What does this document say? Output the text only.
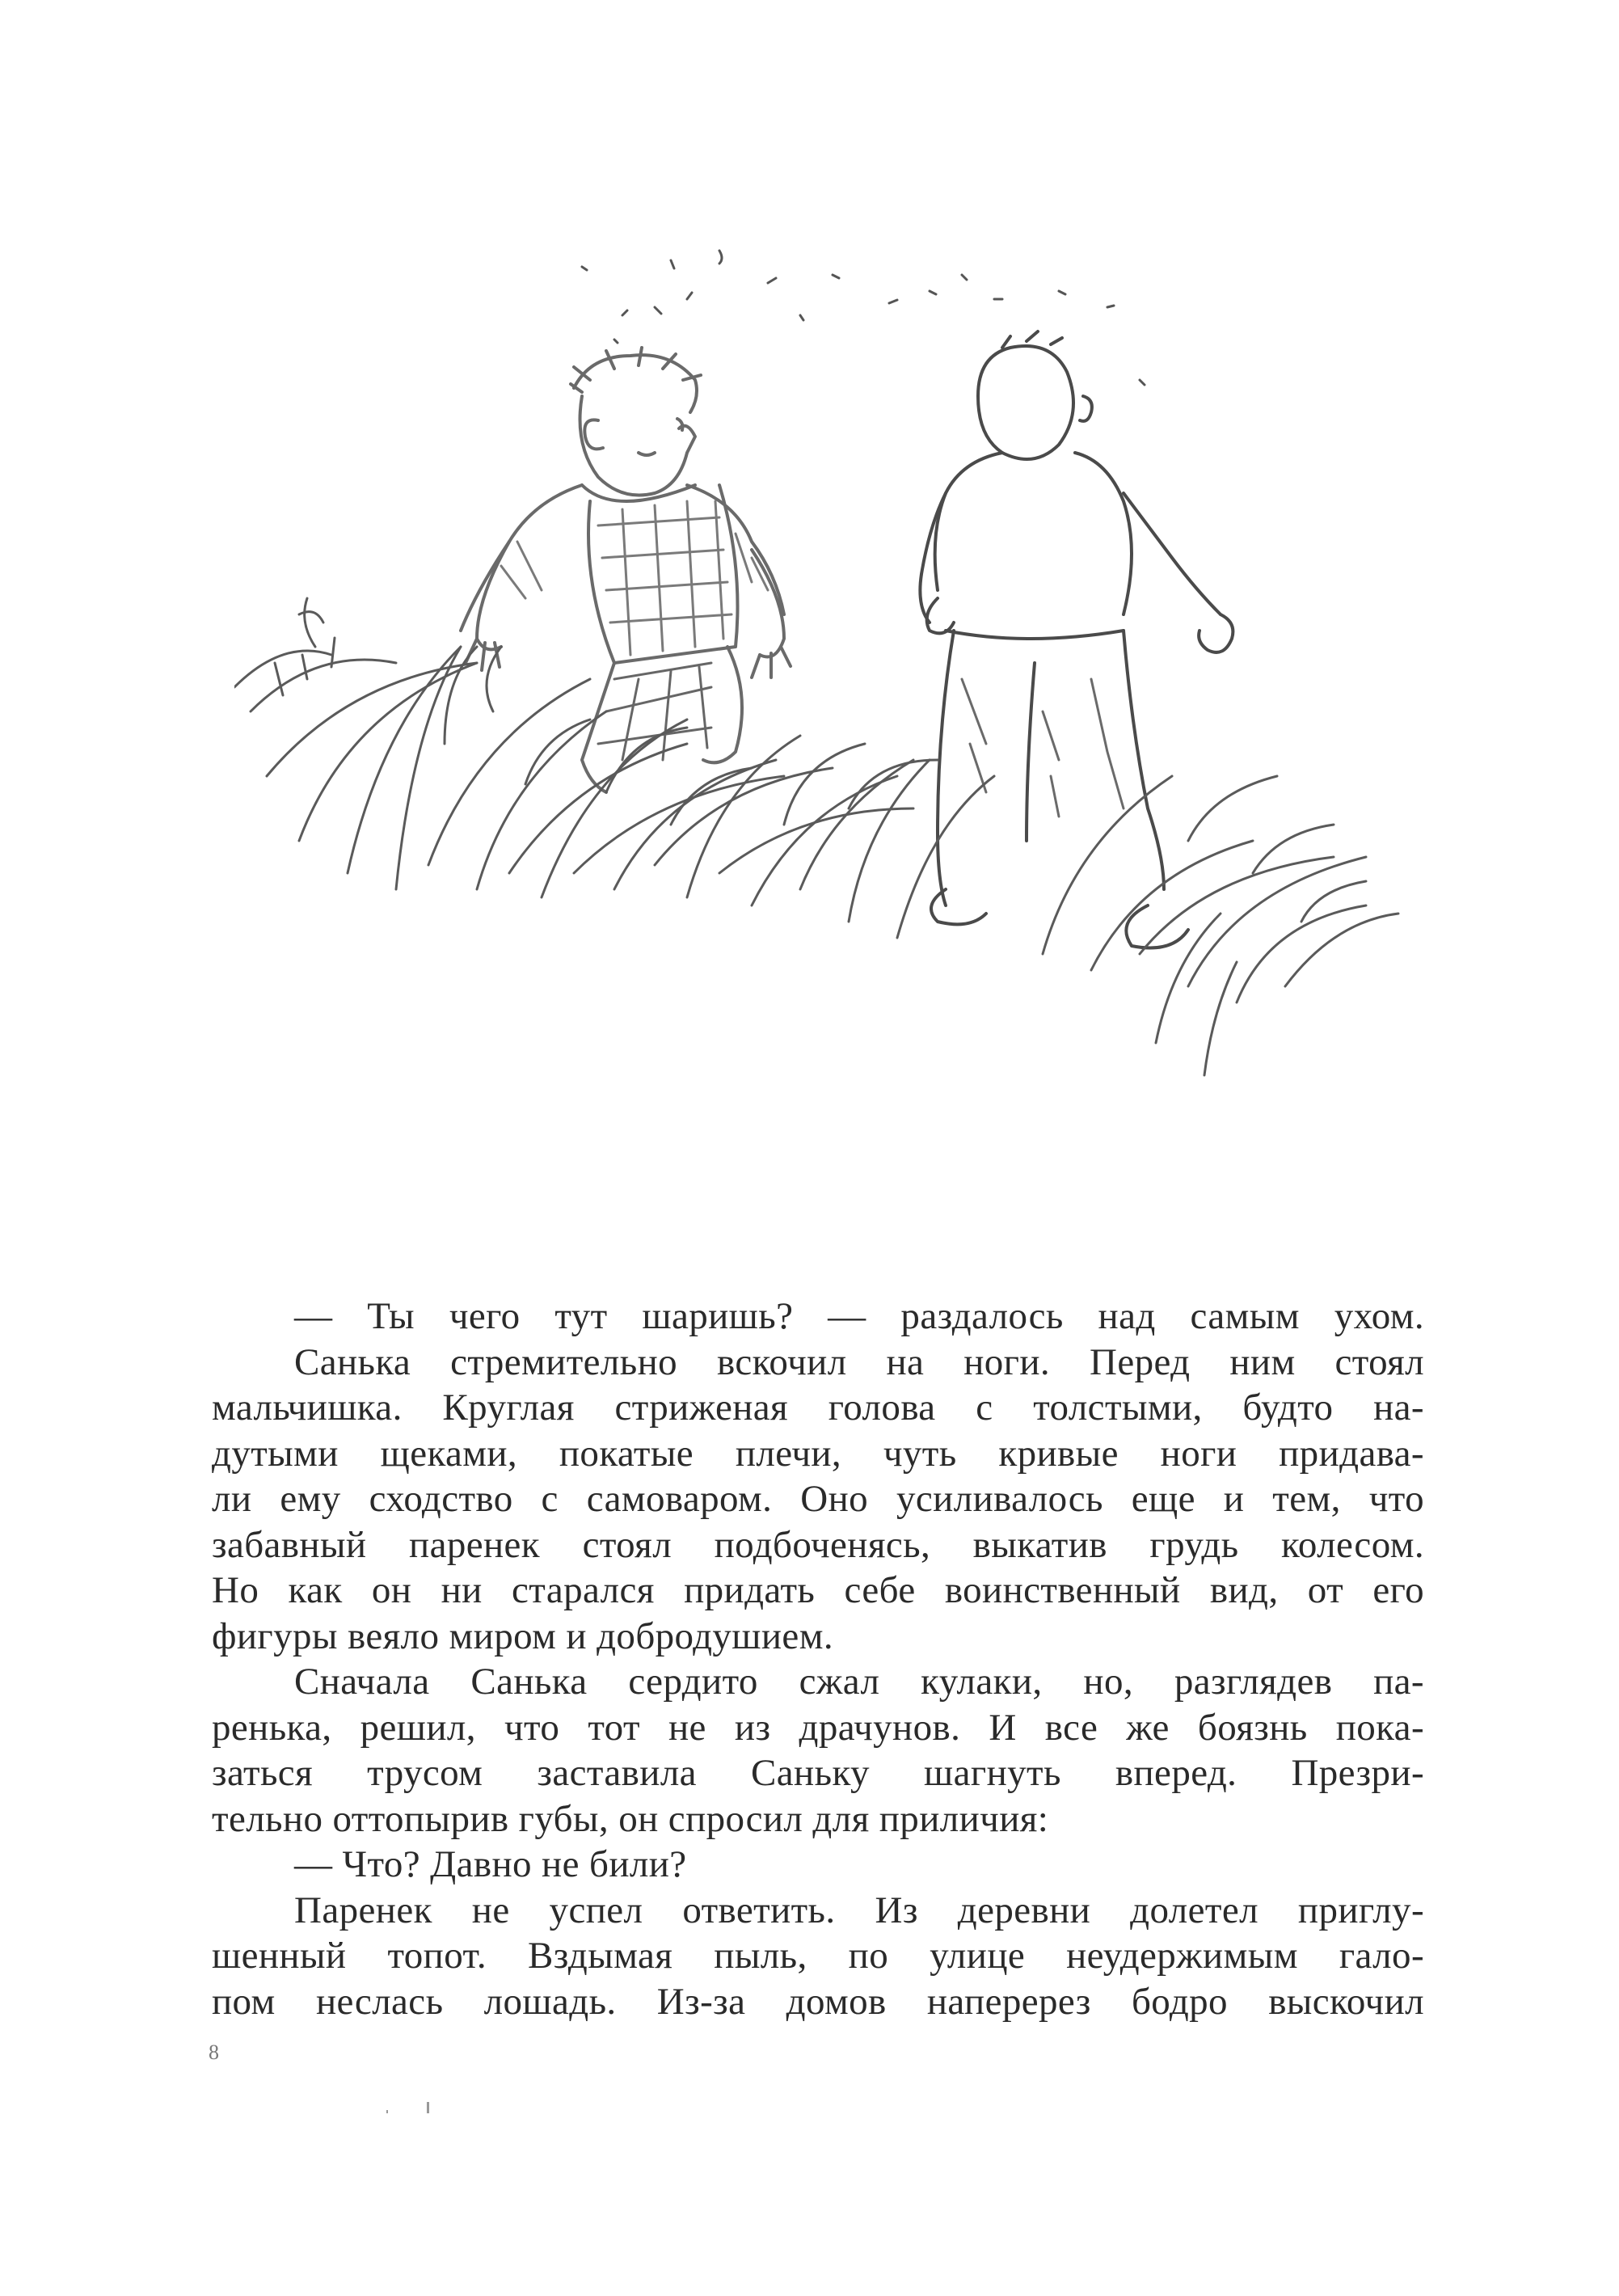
— Ты чего тут шаришь? — раздалось над самым ухом.
Санька стремительно вскочил на ноги. Перед ним стоял
мальчишка. Круглая стриженая голова с толстыми, будто на-
дутыми щеками, покатые плечи, чуть кривые ноги придава-
ли ему сходство с самоваром. Оно усиливалось еще и тем, что
забавный паренек стоял подбоченясь, выкатив грудь колесом.
Но как он ни старался придать себе воинственный вид, от его
фигуры веяло миром и добродушием.
Сначала Санька сердито сжал кулаки, но, разглядев па-
ренька, решил, что тот не из драчунов. И все же боязнь пока-
заться трусом заставила Саньку шагнуть вперед. Презри-
тельно оттопырив губы, он спросил для приличия:
— Что? Давно не били?
Паренек не успел ответить. Из деревни долетел приглу-
шенный топот. Вздымая пыль, по улице неудержимым гало-
пом неслась лошадь. Из-за домов наперерез бодро выскочил
8
